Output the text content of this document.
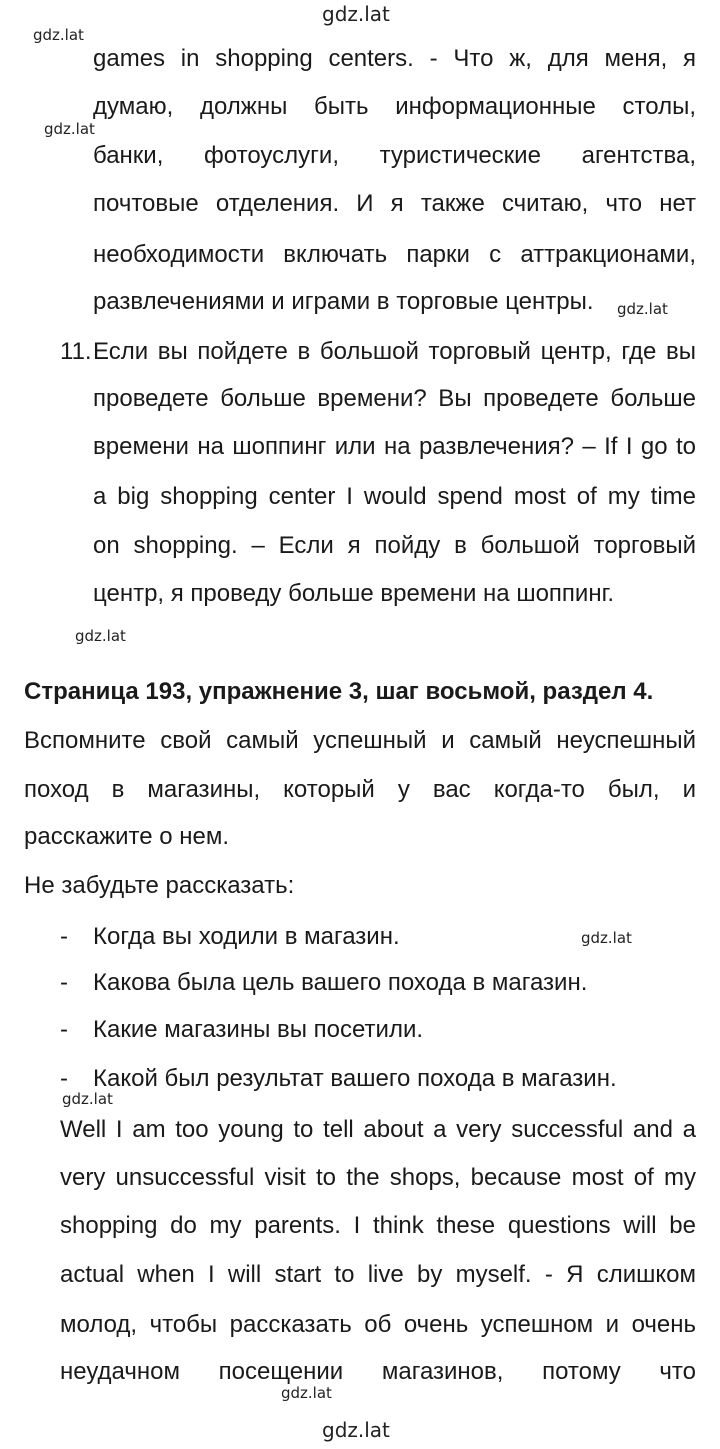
gdz.lat
gdz.lat
gdz.lat
gdz.lat
gdz.lat
gdz.lat
gdz.lat
gdz.lat
gdz.lat
games in shopping centers. - Что ж, для меня, я
думаю, должны быть информационные столы,
банки, фотоуслуги, туристические агентства,
почтовые отделения. И я также считаю, что нет
необходимости включать парки с аттракционами,
развлечениями и играми в торговые центры.
11. Если вы пойдете в большой торговый центр, где вы
проведете больше времени? Вы проведете больше
времени на шоппинг или на развлечения? – If I go to
a big shopping center I would spend most of my time
on shopping. – Если я пойду в большой торговый
центр, я проведу больше времени на шоппинг.
Страница 193, упражнение 3, шаг восьмой, раздел 4.
Вспомните свой самый успешный и самый неуспешный
поход в магазины, который у вас когда-то был, и
расскажите о нем.
Не забудьте рассказать:
- Когда вы ходили в магазин.
- Какова была цель вашего похода в магазин.
- Какие магазины вы посетили.
- Какой был результат вашего похода в магазин.
Well I am too young to tell about a very successful and a
very unsuccessful visit to the shops, because most of my
shopping do my parents. I think these questions will be
actual when I will start to live by myself. - Я слишком
молод, чтобы рассказать об очень успешном и очень
неудачном посещении магазинов, потому что
